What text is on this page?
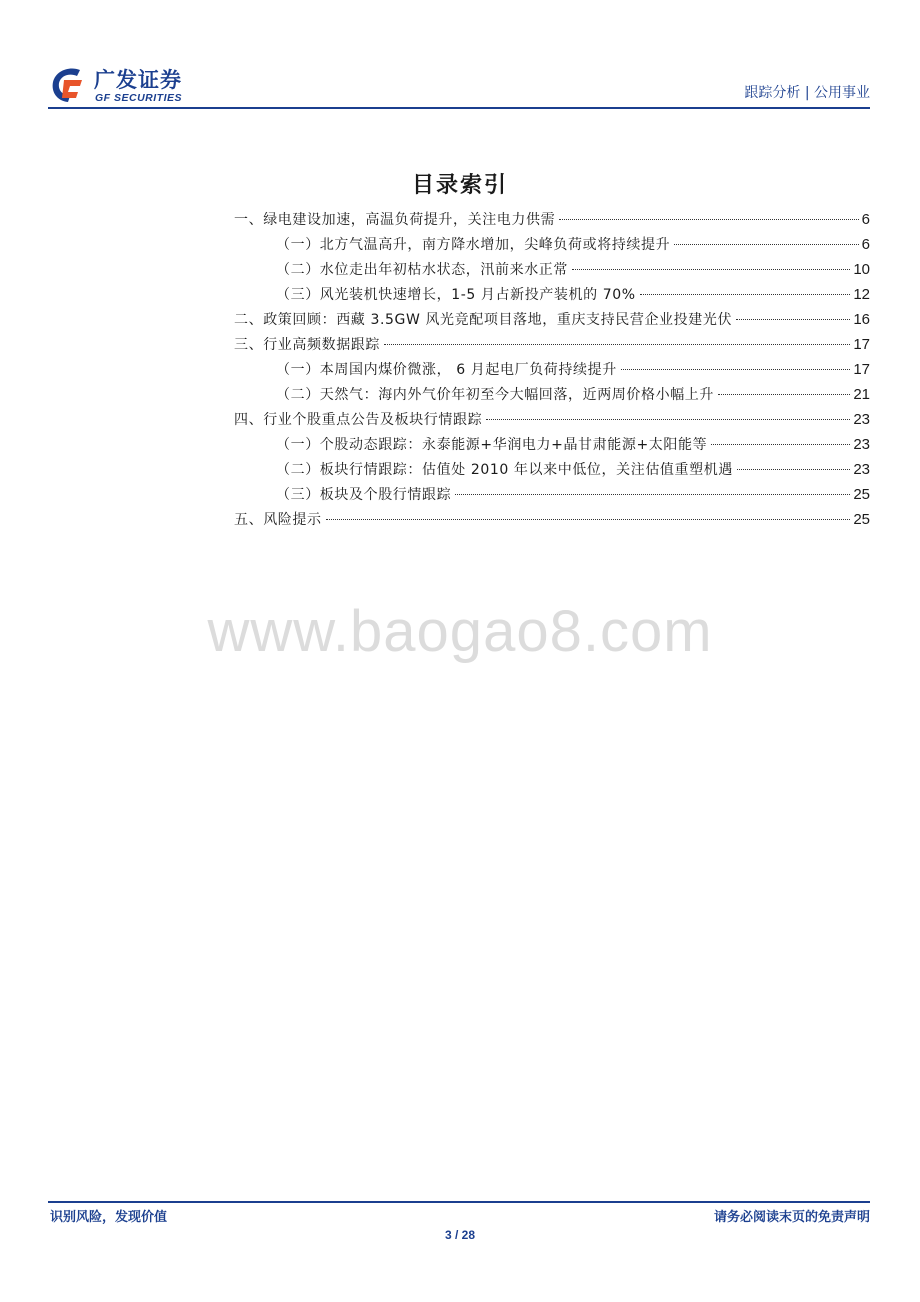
广发证券
GF SECURITIES	跟踪分析 | 公用事业
目录索引
一、绿电建设加速，高温负荷提升，关注电力供需	6
（一）北方气温高升，南方降水增加，尖峰负荷或将持续提升	6
（二）水位走出年初枯水状态，汛前来水正常	10
（三）风光装机快速增长，1-5 月占新投产装机的 70%	12
二、政策回顾：西藏 3.5GW 风光竞配项目落地，重庆支持民营企业投建光伏	16
三、行业高频数据跟踪	17
（一）本周国内煤价微涨， 6 月起电厂负荷持续提升	17
（二）天然气：海内外气价年初至今大幅回落，近两周价格小幅上升	21
四、行业个股重点公告及板块行情跟踪	23
（一）个股动态跟踪：永泰能源+华润电力+晶甘肃能源+太阳能等	23
（二）板块行情跟踪：估值处 2010 年以来中低位，关注估值重塑机遇	23
（三）板块及个股行情跟踪	25
五、风险提示	25
www.baogao8.com
识别风险，发现价值	请务必阅读末页的免责声明
3 / 28
